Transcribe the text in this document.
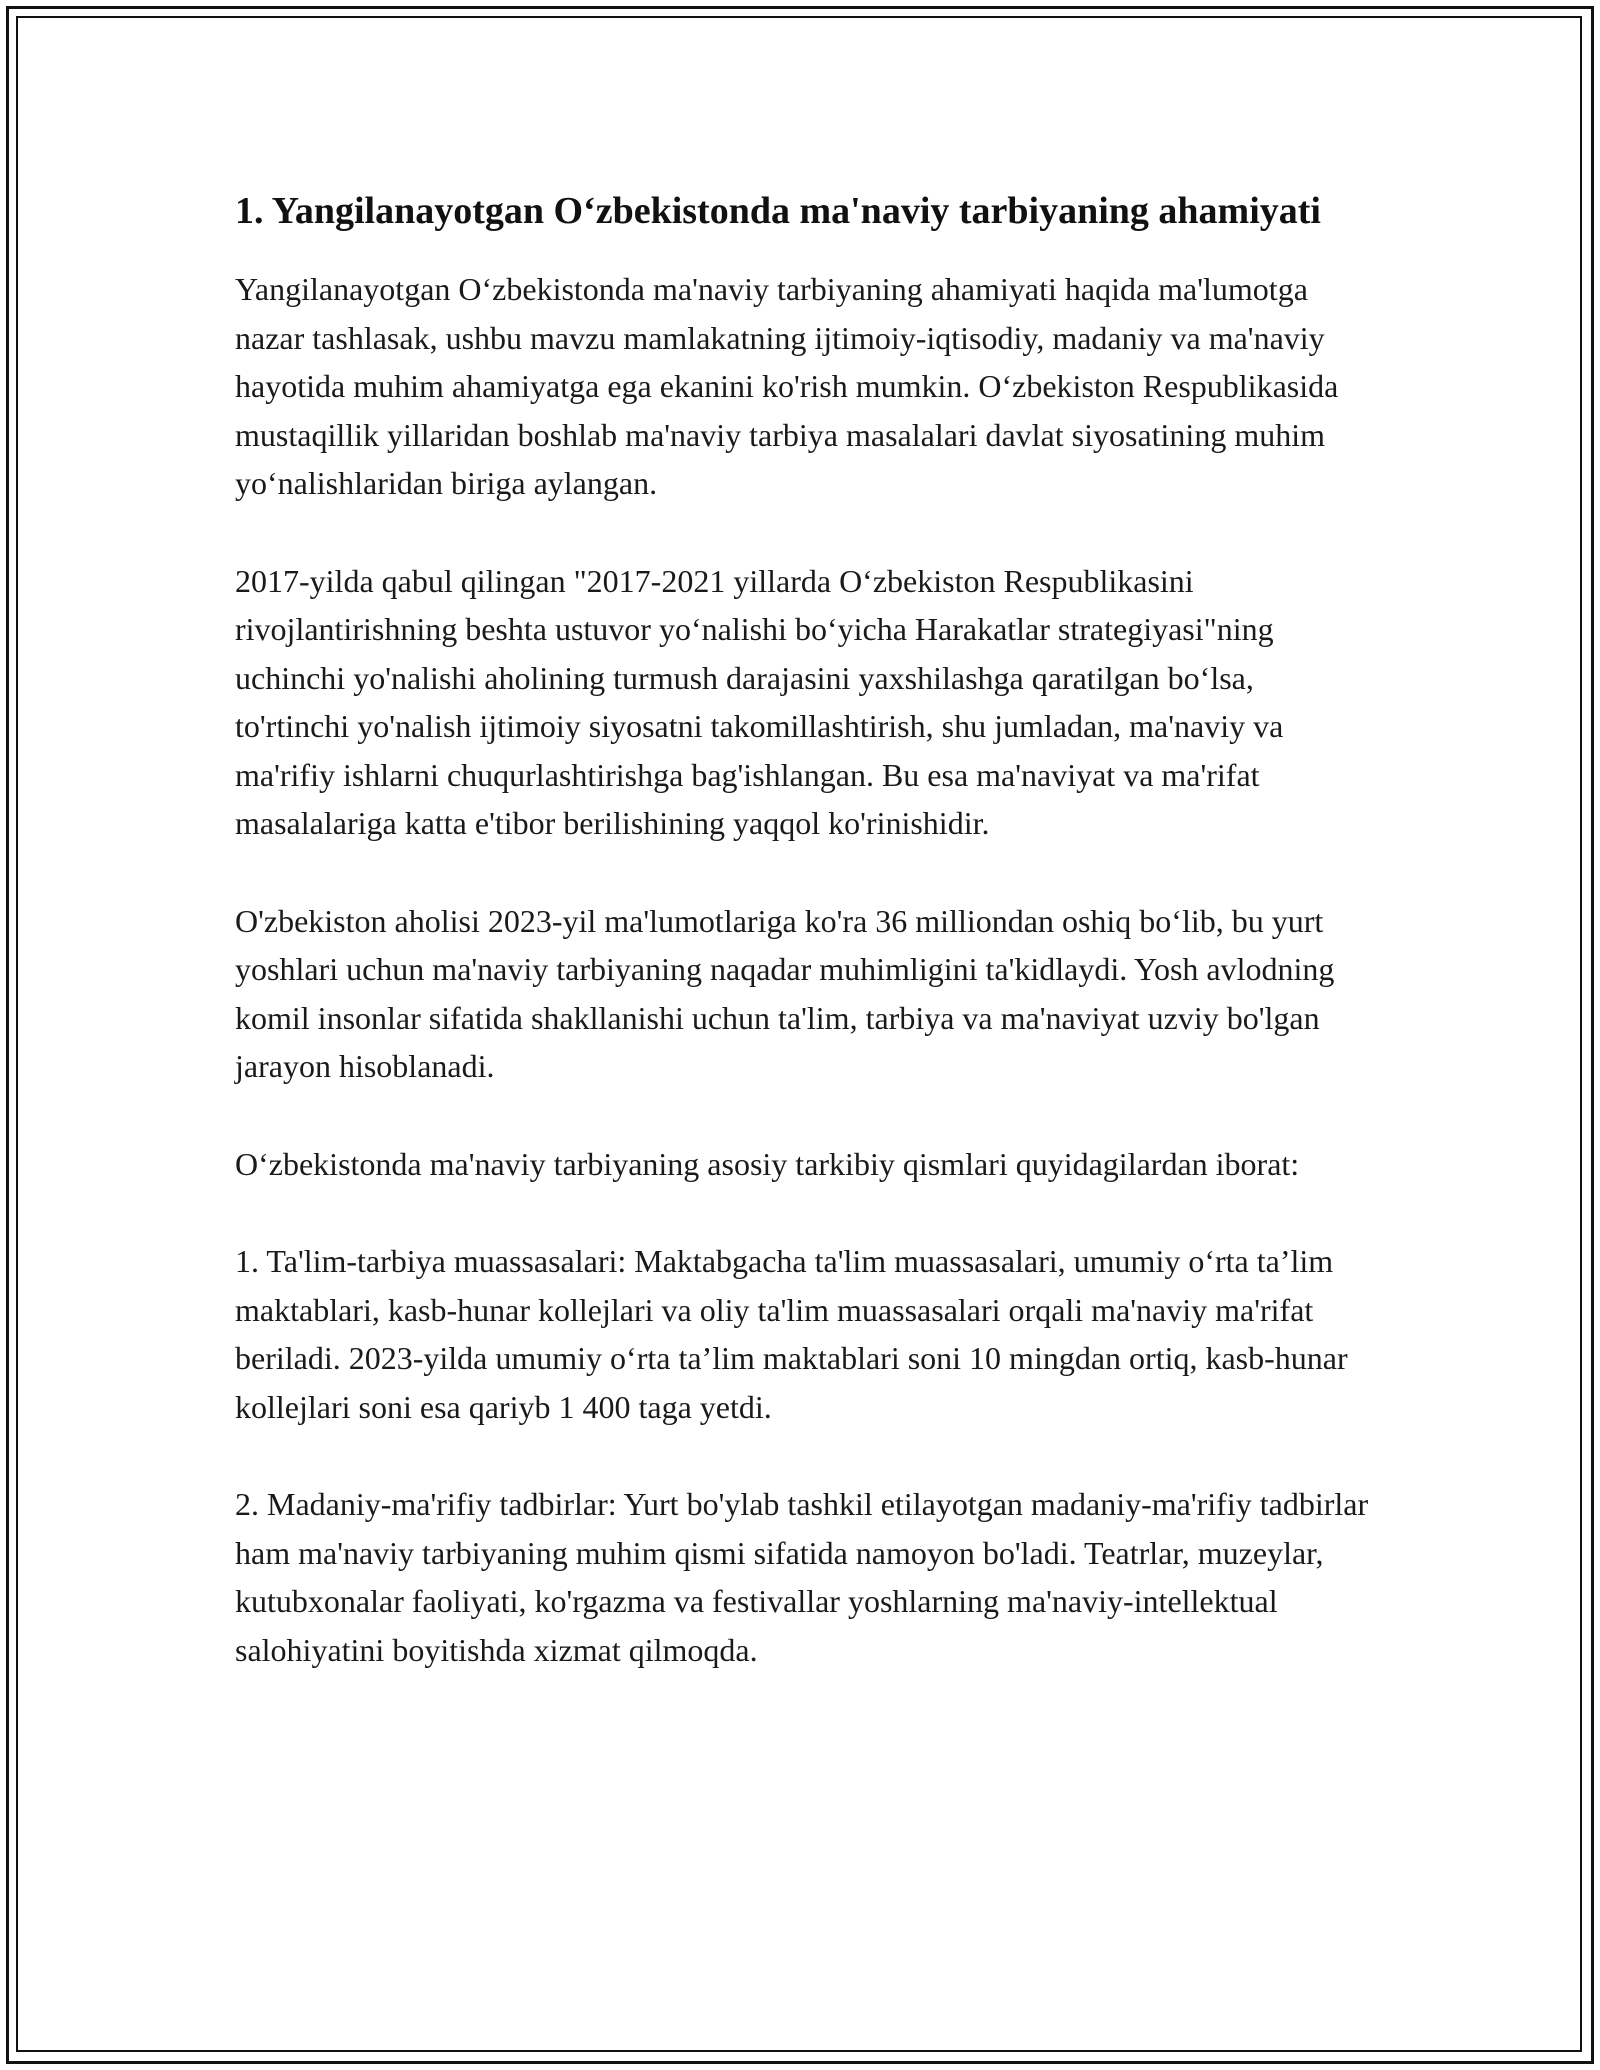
1. Yangilanayotgan O‘zbekistonda ma'naviy tarbiyaning ahamiyati

Yangilanayotgan O‘zbekistonda ma'naviy tarbiyaning ahamiyati haqida ma'lumotga nazar tashlasak, ushbu mavzu mamlakatning ijtimoiy-iqtisodiy, madaniy va ma'naviy hayotida muhim ahamiyatga ega ekanini ko'rish mumkin. O‘zbekiston Respublikasida mustaqillik yillaridan boshlab ma'naviy tarbiya masalalari davlat siyosatining muhim yo‘nalishlaridan biriga aylangan.

2017-yilda qabul qilingan "2017-2021 yillarda O‘zbekiston Respublikasini rivojlantirishning beshta ustuvor yo‘nalishi bo‘yicha Harakatlar strategiyasi"ning uchinchi yo'nalishi aholining turmush darajasini yaxshilashga qaratilgan bo‘lsa, to'rtinchi yo'nalish ijtimoiy siyosatni takomillashtirish, shu jumladan, ma'naviy va ma'rifiy ishlarni chuqurlashtirishga bag'ishlangan. Bu esa ma'naviyat va ma'rifat masalalariga katta e'tibor berilishining yaqqol ko'rinishidir.

O'zbekiston aholisi 2023-yil ma'lumotlariga ko'ra 36 milliondan oshiq bo‘lib, bu yurt yoshlari uchun ma'naviy tarbiyaning naqadar muhimligini ta'kidlaydi. Yosh avlodning komil insonlar sifatida shakllanishi uchun ta'lim, tarbiya va ma'naviyat uzviy bo'lgan jarayon hisoblanadi.

O‘zbekistonda ma'naviy tarbiyaning asosiy tarkibiy qismlari quyidagilardan iborat:

1. Ta'lim-tarbiya muassasalari: Maktabgacha ta'lim muassasalari, umumiy o‘rta ta’lim maktablari, kasb-hunar kollejlari va oliy ta'lim muassasalari orqali ma'naviy ma'rifat beriladi. 2023-yilda umumiy o‘rta ta’lim maktablari soni 10 mingdan ortiq, kasb-hunar kollejlari soni esa qariyb 1 400 taga yetdi.

2. Madaniy-ma'rifiy tadbirlar: Yurt bo'ylab tashkil etilayotgan madaniy-ma'rifiy tadbirlar ham ma'naviy tarbiyaning muhim qismi sifatida namoyon bo'ladi. Teatrlar, muzeylar, kutubxonalar faoliyati, ko'rgazma va festivallar yoshlarning ma'naviy-intellektual salohiyatini boyitishda xizmat qilmoqda.
